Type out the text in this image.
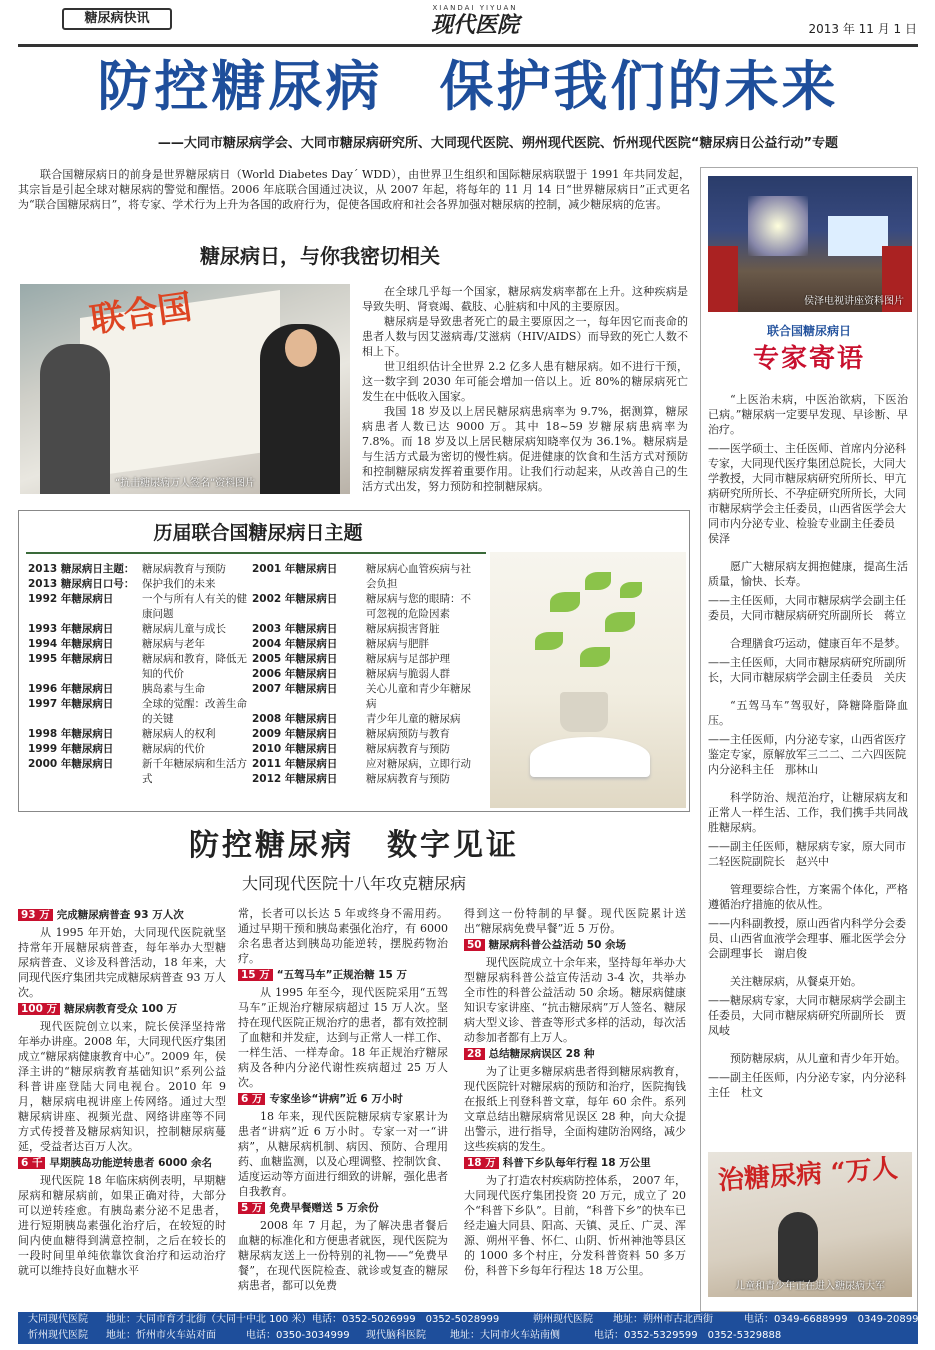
糖尿病快讯
XIANDAI YIYUAN
现代医院	2013 年 11 月 1 日
防控糖尿病　保护我们的未来
——大同市糖尿病学会、大同市糖尿病研究所、大同现代医院、朔州现代医院、忻州现代医院“糖尿病日公益行动”专题

联合国糖尿病日的前身是世界糖尿病日（World Diabetes Day´ WDD），由世界卫生组织和国际糖尿病联盟于 1991 年共同发起，其宗旨是引起全球对糖尿病的警觉和醒悟。2006 年底联合国通过决议，从 2007 年起，将每年的 11 月 14 日“世界糖尿病日”正式更名为“联合国糖尿病日”，将专家、学术行为上升为各国的政府行为，促使各国政府和社会各界加强对糖尿病的控制，减少糖尿病的危害。

糖尿病日，与你我密切相关
联合国
“抗击糖尿病万人签名”资料图片

在全球几乎每一个国家，糖尿病发病率都在上升。这种疾病是导致失明、肾衰竭、截肢、心脏病和中风的主要原因。

糖尿病是导致患者死亡的最主要原因之一，每年因它而丧命的患者人数与因艾滋病毒/艾滋病（HIV/AIDS）而导致的死亡人数不相上下。

世卫组织估计全世界 2.2 亿多人患有糖尿病。如不进行干预，这一数字到 2030 年可能会增加一倍以上。近 80%的糖尿病死亡发生在中低收入国家。

我国 18 岁及以上居民糖尿病患病率为 9.7%，据测算，糖尿病患者人数已达 9000 万。其中 18~59 岁糖尿病患病率为 7.8%。而 18 岁及以上居民糖尿病知晓率仅为 36.1%。糖尿病是与生活方式最为密切的慢性病。促进健康的饮食和生活方式对预防和控制糖尿病发挥着重要作用。让我们行动起来，从改善自己的生活方式出发，努力预防和控制糖尿病。

侯泽电视讲座资料图片
联合国糖尿病日
专家寄语

“上医治未病，中医治欲病，下医治已病。”糖尿病一定要早发现、早诊断、早治疗。

——医学硕士、主任医师、首席内分泌科专家，大同现代医疗集团总院长，大同大学教授，大同市糖尿病研究所所长、甲亢病研究所所长、不孕症研究所所长，大同市糖尿病学会主任委员，山西省医学会大同市内分泌专业、检验专业副主任委员　侯泽

愿广大糖尿病友拥抱健康，提高生活质量，愉快、长寿。

——主任医师，大同市糖尿病学会副主任委员，大同市糖尿病研究所副所长　蒋立

合理膳食巧运动，健康百年不是梦。

——主任医师，大同市糖尿病研究所副所长，大同市糖尿病学会副主任委员　关庆

“五驾马车”驾驭好，降糖降脂降血压。

——主任医师，内分泌专家，山西省医疗鉴定专家，原解放军三二二、二六四医院内分泌科主任　那林山

科学防治、规范治疗，让糖尿病友和正常人一样生活、工作，我们携手共同战胜糖尿病。

——副主任医师，糖尿病专家，原大同市二轻医院副院长　赵兴中

管理要综合性，方案需个体化，严格遵循治疗措施的依从性。

——内科副教授，原山西省内科学分会委员、山西省血液学会理事、雁北医学会分会副理事长　谢启俊

关注糖尿病，从餐桌开始。

——糖尿病专家，大同市糖尿病学会副主任委员，大同市糖尿病研究所副所长　贾凤岐

预防糖尿病，从儿童和青少年开始。

——副主任医师，内分泌专家，内分泌科主任　杜文

治糖尿病 “万人
儿童和青少年正在进入糖尿病大军
历届联合国糖尿病日主题
2013 糖尿病日主题： 糖尿病教育与预防
2013 糖尿病日口号： 保护我们的未来
1992 年糖尿病日	一个与所有人有关的健康问题
1993 年糖尿病日	糖尿病儿童与成长
1994 年糖尿病日	糖尿病与老年
1995 年糖尿病日	糖尿病和教育，降低无知的代价
1996 年糖尿病日	胰岛素与生命
1997 年糖尿病日	全球的觉醒：改善生命的关键
1998 年糖尿病日	糖尿病人的权利
1999 年糖尿病日	糖尿病的代价
2000 年糖尿病日	新千年糖尿病和生活方式
2001 年糖尿病日	糖尿病心血管疾病与社会负担
2002 年糖尿病日	糖尿病与您的眼睛：不可忽视的危险因素
2003 年糖尿病日	糖尿病损害肾脏
2004 年糖尿病日	糖尿病与肥胖
2005 年糖尿病日	糖尿病与足部护理
2006 年糖尿病日	糖尿病与脆弱人群
2007 年糖尿病日	关心儿童和青少年糖尿病
2008 年糖尿病日	青少年儿童的糖尿病
2009 年糖尿病日	糖尿病预防与教育
2010 年糖尿病日	糖尿病教育与预防
2011 年糖尿病日	应对糖尿病，立即行动
2012 年糖尿病日	糖尿病教育与预防
防控糖尿病　数字见证
大同现代医院十八年攻克糖尿病
93 万 完成糖尿病普查 93 万人次

从 1995 年开始，大同现代医院就坚持常年开展糖尿病普查，每年举办大型糖尿病普查、义诊及科普活动，18 年来，大同现代医疗集团共完成糖尿病普查 93 万人次。

100 万 糖尿病教育受众 100 万

现代医院创立以来，院长侯泽坚持常年举办讲座。2008 年，大同现代医疗集团成立“糖尿病健康教育中心”。2009 年，侯泽主讲的“糖尿病教育基础知识”系列公益科普讲座登陆大同电视台。2010 年 9 月，糖尿病电视讲座上传网络。通过大型糖尿病讲座、视频光盘、网络讲座等不同方式传授普及糖尿病知识，控制糖尿病蔓延，受益者达百万人次。

6 千 早期胰岛功能逆转患者 6000 余名

现代医院 18 年临床病例表明，早期糖尿病和糖尿病前，如果正确对待，大部分可以逆转痊愈。有胰岛素分泌不足患者，进行短期胰岛素强化治疗后，在较短的时间内使血糖得到满意控制，之后在较长的一段时间里单纯依靠饮食治疗和运动治疗就可以维持良好血糖水平

常，长者可以长达 5 年或终身不需用药。通过早期干预和胰岛素强化治疗，有 6000 余名患者达到胰岛功能逆转，摆脱药物治疗。

15 万 “五驾马车”正规治糖 15 万

从 1995 年至今，现代医院采用“五驾马车”正规治疗糖尿病超过 15 万人次。坚持在现代医院正规治疗的患者，都有效控制了血糖和并发症，达到与正常人一样工作、一样生活、一样寿命。18 年正规治疗糖尿病及各种内分泌代谢性疾病超过 25 万人次。

6 万 专家坐诊“讲病”近 6 万小时

18 年来，现代医院糖尿病专家累计为患者“讲病”近 6 万小时。专家一对一“讲病”，从糖尿病机制、病因、预防、合理用药、血糖监测，以及心理调整、控制饮食、适度运动等方面进行细致的讲解，强化患者自我教育。

5 万 免费早餐赠送 5 万余份

2008 年 7 月起，为了解决患者餐后血糖的标准化和方便患者就医，现代医院为糖尿病友送上一份特别的礼物——“免费早餐”，在现代医院检查、就诊或复查的糖尿病患者，都可以免费

得到这一份特制的早餐。现代医院累计送出“糖尿病免费早餐”近 5 万份。

50 糖尿病科普公益活动 50 余场

现代医院成立十余年来，坚持每年举办大型糖尿病科普公益宣传活动 3-4 次，共举办全市性的科普公益活动 50 余场。糖尿病健康知识专家讲座、“抗击糖尿病”万人签名、糖尿病大型义诊、普查等形式多样的活动，每次活动参加者都有上万人。

28 总结糖尿病误区 28 种

为了让更多糖尿病患者得到糖尿病教育，现代医院针对糖尿病的预防和治疗，医院掏钱在报纸上刊登科普文章，每年 60 余件。系列文章总结出糖尿病常见误区 28 种，向大众提出警示，进行指导，全面构建防治网络，减少这些疾病的发生。

18 万 科普下乡队每年行程 18 万公里

为了打造农村疾病防控体系， 2007 年，大同现代医疗集团投资 20 万元，成立了 20 个“科普下乡队”。目前，“科普下乡”的快车已经走遍大同县、阳高、天镇、灵丘、广灵、浑源、朔州平鲁、怀仁、山阴、忻州神池等县区的 1000 多个村庄，分发科普资料 50 多万份，科普下乡每年行程达 18 万公里。

大同现代医院 地址：大同市育才北街（大同十中北 100 米） 电话：0352-5026999　0352-5028999	朔州现代医院 地址：朔州市古北西街	电话：0349-6688999　0349-2089999
忻州现代医院 地址：忻州市火车站对面	电话：0350-3034999 现代脑科医院 地址：大同市火车站南侧	电话：0352-5329599　0352-5329888
